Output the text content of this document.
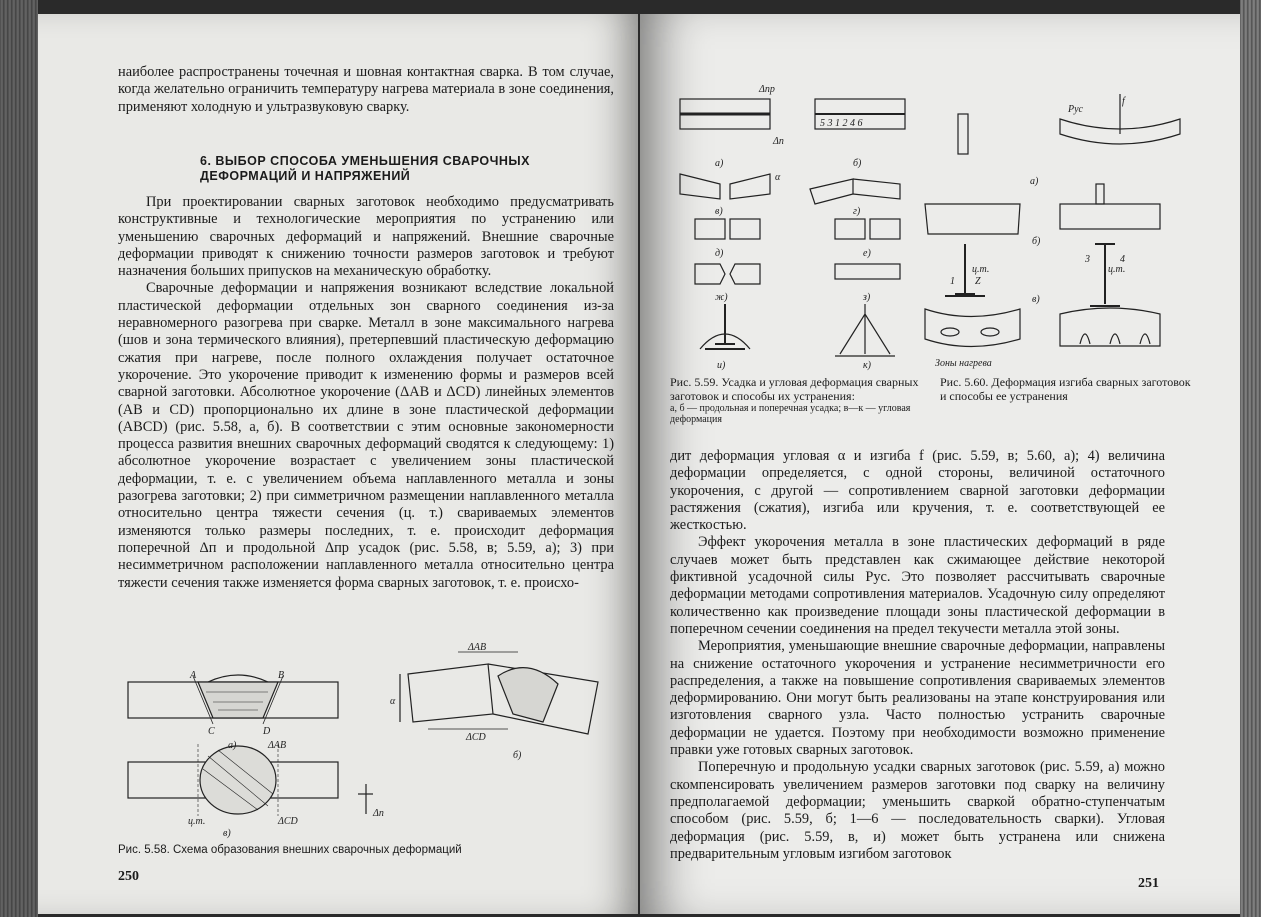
наиболее распространены точечная и шовная контактная сварка. В том случае, когда желательно ограничить температуру нагрева материала в зоне соединения, применяют холодную и ультразвуковую сварку.

6. ВЫБОР СПОСОБА УМЕНЬШЕНИЯ СВАРОЧНЫХ
ДЕФОРМАЦИЙ И НАПРЯЖЕНИЙ

При проектировании сварных заготовок необходимо предусматривать конструктивные и технологические мероприятия по устранению или уменьшению сварочных деформаций и напряжений. Внешние сварочные деформации приводят к снижению точности размеров заготовок и требуют назначения больших припусков на механическую обработку.

Сварочные деформации и напряжения возникают вследствие локальной пластической деформации отдельных зон сварного соединения из-за неравномерного разогрева при сварке. Металл в зоне максимального нагрева (шов и зона термического влияния), претерпевший пластическую деформацию сжатия при нагреве, после полного охлаждения получает остаточное укорочение. Это укорочение приводит к изменению формы и размеров всей сварной заготовки. Абсолютное укорочение (ΔAB и ΔCD) линейных элементов (AB и CD) пропорционально их длине в зоне пластической деформации (ABCD) (рис. 5.58, a, б). В соответствии с этим основные закономерности процесса развития внешних сварочных деформаций сводятся к следующему: 1) абсолютное укорочение возрастает с увеличением зоны пластической деформации, т. е. с увеличением объема наплавленного металла и зоны разогрева заготовки; 2) при симметричном размещении наплавленного металла относительно центра тяжести сечения (ц. т.) свариваемых элементов изменяются только размеры последних, т. е. происходит деформация поперечной Δп и продольной Δпр усадок (рис. 5.58, в; 5.59, a); 3) при несимметричном расположении наплавленного металла относительно центра тяжести сечения также изменяется форма сварных заготовок, т. е. происхо-

A	B
C	D
а)	ΔAB
ц.т.	ΔCD
Δп
в)
ΔAB
α
ΔCD
б)
Рис. 5.58. Схема образования внешних сварочных деформаций
250
а)	б)
5 3 1 2 4 6
Δпр
Δп
α
в)	г)
д)	е)
ж)	з)
и)	к)
Pус
f
а)
б)
ц.т.	ц.т.
1 Z
3	4
в)
Зоны нагрева
Рис. 5.59. Усадка и угловая деформация сварных заготовок и способы их устранения:
а, б — продольная и поперечная усадка; в—к — угловая деформация
Рис. 5.60. Деформация изгиба сварных заготовок и способы ее устранения

дит деформация угловая α и изгиба f (рис. 5.59, в; 5.60, а); 4) величина деформации определяется, с одной стороны, величиной остаточного укорочения, с другой — сопротивлением сварной заготовки деформации растяжения (сжатия), изгиба или кручения, т. е. соответствующей ее жесткостью.

Эффект укорочения металла в зоне пластических деформаций в ряде случаев может быть представлен как сжимающее действие некоторой фиктивной усадочной силы Pус. Это позволяет рассчитывать сварочные деформации методами сопротивления материалов. Усадочную силу определяют количественно как произведение площади зоны пластической деформации в поперечном сечении соединения на предел текучести металла этой зоны.

Мероприятия, уменьшающие внешние сварочные деформации, направлены на снижение остаточного укорочения и устранение несимметричности его распределения, а также на повышение сопротивления свариваемых элементов деформированию. Они могут быть реализованы на этапе конструирования или изготовления сварного узла. Часто полностью устранить сварочные деформации не удается. Поэтому при необходимости возможно применение правки уже готовых сварных заготовок.

Поперечную и продольную усадки сварных заготовок (рис. 5.59, а) можно скомпенсировать увеличением размеров заготовки под сварку на величину предполагаемой деформации; уменьшить сваркой обратно-ступенчатым способом (рис. 5.59, б; 1—6 — последовательность сварки). Угловая деформация (рис. 5.59, в, и) может быть устранена или снижена предварительным угловым изгибом заготовок

251
